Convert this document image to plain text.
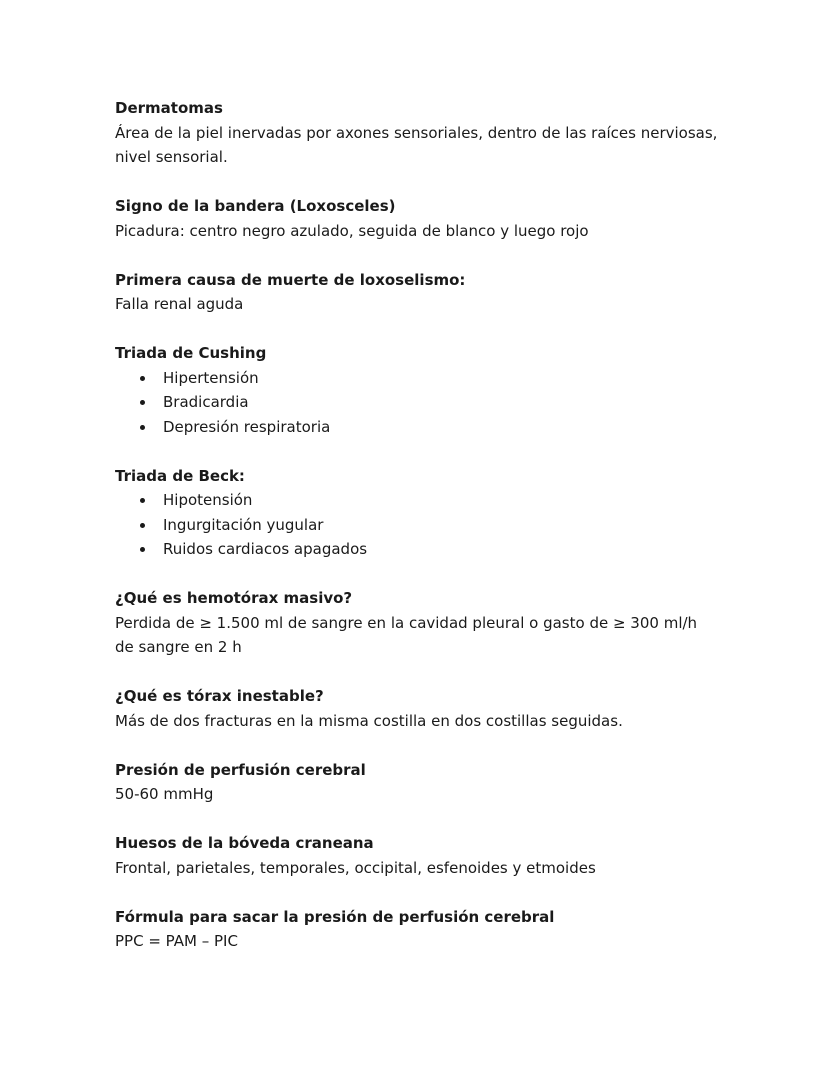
Dermatomas

Área de la piel inervadas por axones sensoriales, dentro de las raíces nerviosas, nivel sensorial.

Signo de la bandera (Loxosceles)

Picadura: centro negro azulado, seguida de blanco y luego rojo

Primera causa de muerte de loxoselismo:

Falla renal aguda

Triada de Cushing

Hipertensión
Bradicardia
Depresión respiratoria

Triada de Beck:

Hipotensión
Ingurgitación yugular
Ruidos cardiacos apagados

¿Qué es hemotórax masivo?

Perdida de ≥ 1.500 ml de sangre en la cavidad pleural o gasto de ≥ 300 ml/h de sangre en 2 h

¿Qué es tórax inestable?

Más de dos fracturas en la misma costilla en dos costillas seguidas.

Presión de perfusión cerebral

50-60 mmHg

Huesos de la bóveda craneana

Frontal, parietales, temporales, occipital, esfenoides y etmoides

Fórmula para sacar la presión de perfusión cerebral

PPC = PAM – PIC
